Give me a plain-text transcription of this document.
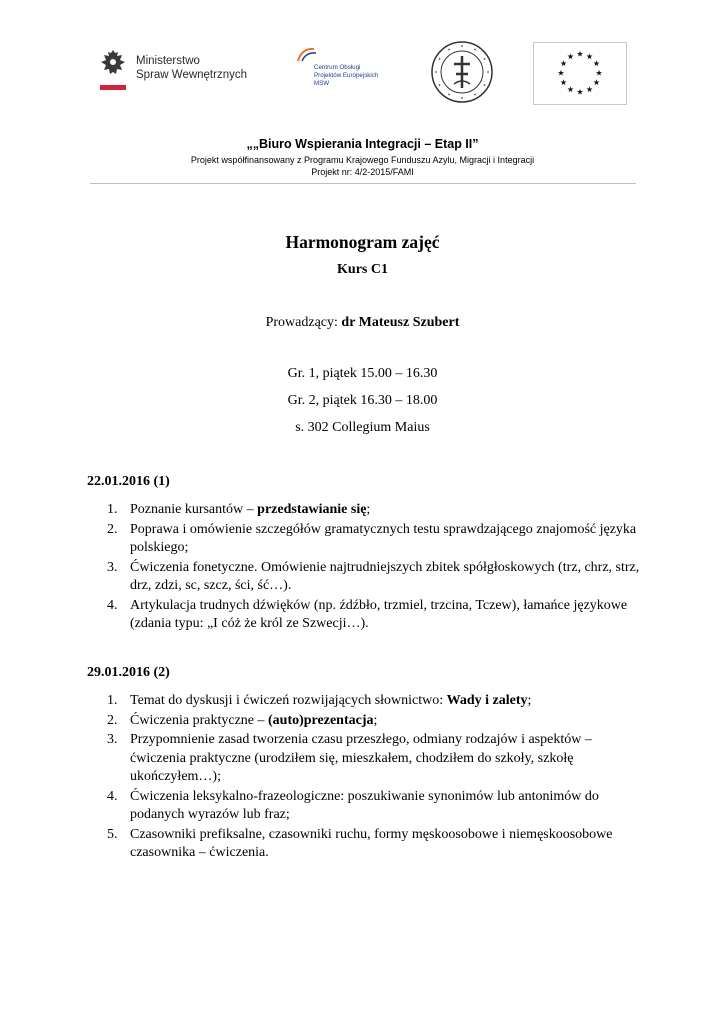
Ministerstwo
Spraw Wewnętrznych
Centrum Obsługi
Projektów Europejskich
MSW
„„Biuro Wspierania Integracji – Etap II”
Projekt współfinansowany z Programu Krajowego Funduszu Azylu, Migracji i Integracji
Projekt nr: 4/2-2015/FAMI
Harmonogram zajęć
Kurs C1
Prowadzący: dr Mateusz Szubert
Gr. 1, piątek 15.00 – 16.30
Gr. 2, piątek 16.30 – 18.00
s. 302 Collegium Maius
22.01.2016 (1)
1. Poznanie kursantów – przedstawianie się;
2. Poprawa i omówienie szczegółów gramatycznych testu sprawdzającego znajomość języka polskiego;
3. Ćwiczenia fonetyczne. Omówienie najtrudniejszych zbitek spółgłoskowych (trz, chrz, strz, drz, zdzi, sc, szcz, ści, ść…).
4. Artykulacja trudnych dźwięków (np. źdźbło, trzmiel, trzcina, Tczew), łamańce językowe (zdania typu: „I cóż że król ze Szwecji…).
29.01.2016 (2)
1. Temat do dyskusji i ćwiczeń rozwijających słownictwo: Wady i zalety;
2. Ćwiczenia praktyczne – (auto)prezentacja;
3. Przypomnienie zasad tworzenia czasu przeszłego, odmiany rodzajów i aspektów – ćwiczenia praktyczne (urodziłem się, mieszkałem, chodziłem do szkoły, szkołę ukończyłem…);
4. Ćwiczenia leksykalno-frazeologiczne: poszukiwanie synonimów lub antonimów do podanych wyrazów lub fraz;
5. Czasowniki prefiksalne, czasowniki ruchu, formy męskoosobowe i niemęskoosobowe czasownika – ćwiczenia.
